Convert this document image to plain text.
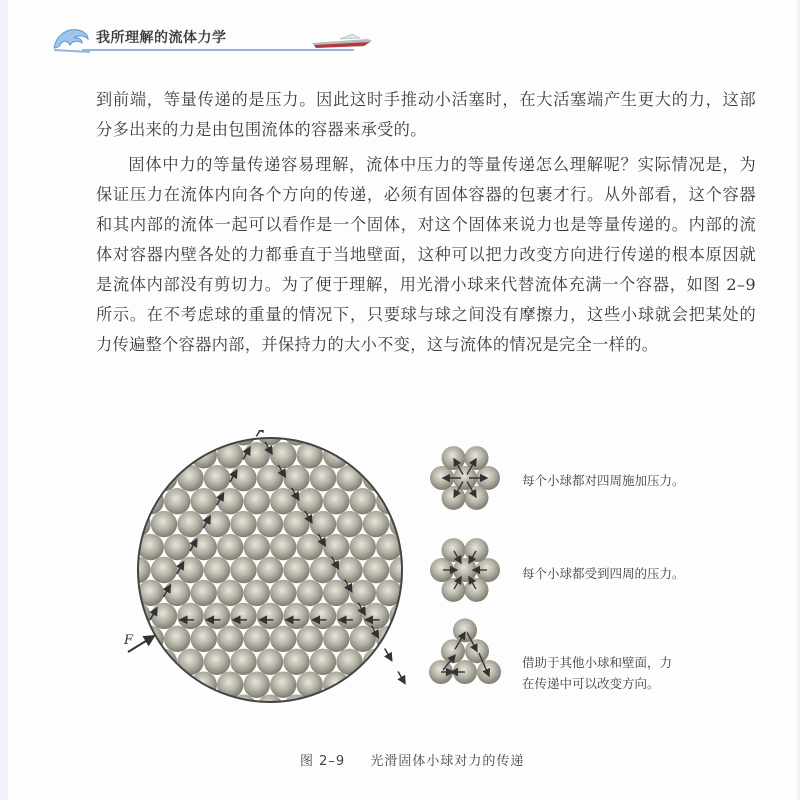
我所理解的流体力学
到前端，等量传递的是压力。因此这时手推动小活塞时，在大活塞端产生更大的力，这部分多出来的力是由包围流体的容器来承受的。
固体中力的等量传递容易理解，流体中压力的等量传递怎么理解呢？实际情况是，为保证压力在流体内向各个方向的传递，必须有固体容器的包裹才行。从外部看，这个容器和其内部的流体一起可以看作是一个固体，对这个固体来说力也是等量传递的。内部的流体对容器内壁各处的力都垂直于当地壁面，这种可以把力改变方向进行传递的根本原因就是流体内部没有剪切力。为了便于理解，用光滑小球来代替流体充满一个容器，如图 2–9 所示。在不考虑球的重量的情况下，只要球与球之间没有摩擦力，这些小球就会把某处的力传遍整个容器内部，并保持力的大小不变，这与流体的情况是完全一样的。
F
每个小球都对四周施加压力。
每个小球都受到四周的压力。
借助于其他小球和壁面，力在传递中可以改变方向。
图 2–9 光滑固体小球对力的传递
